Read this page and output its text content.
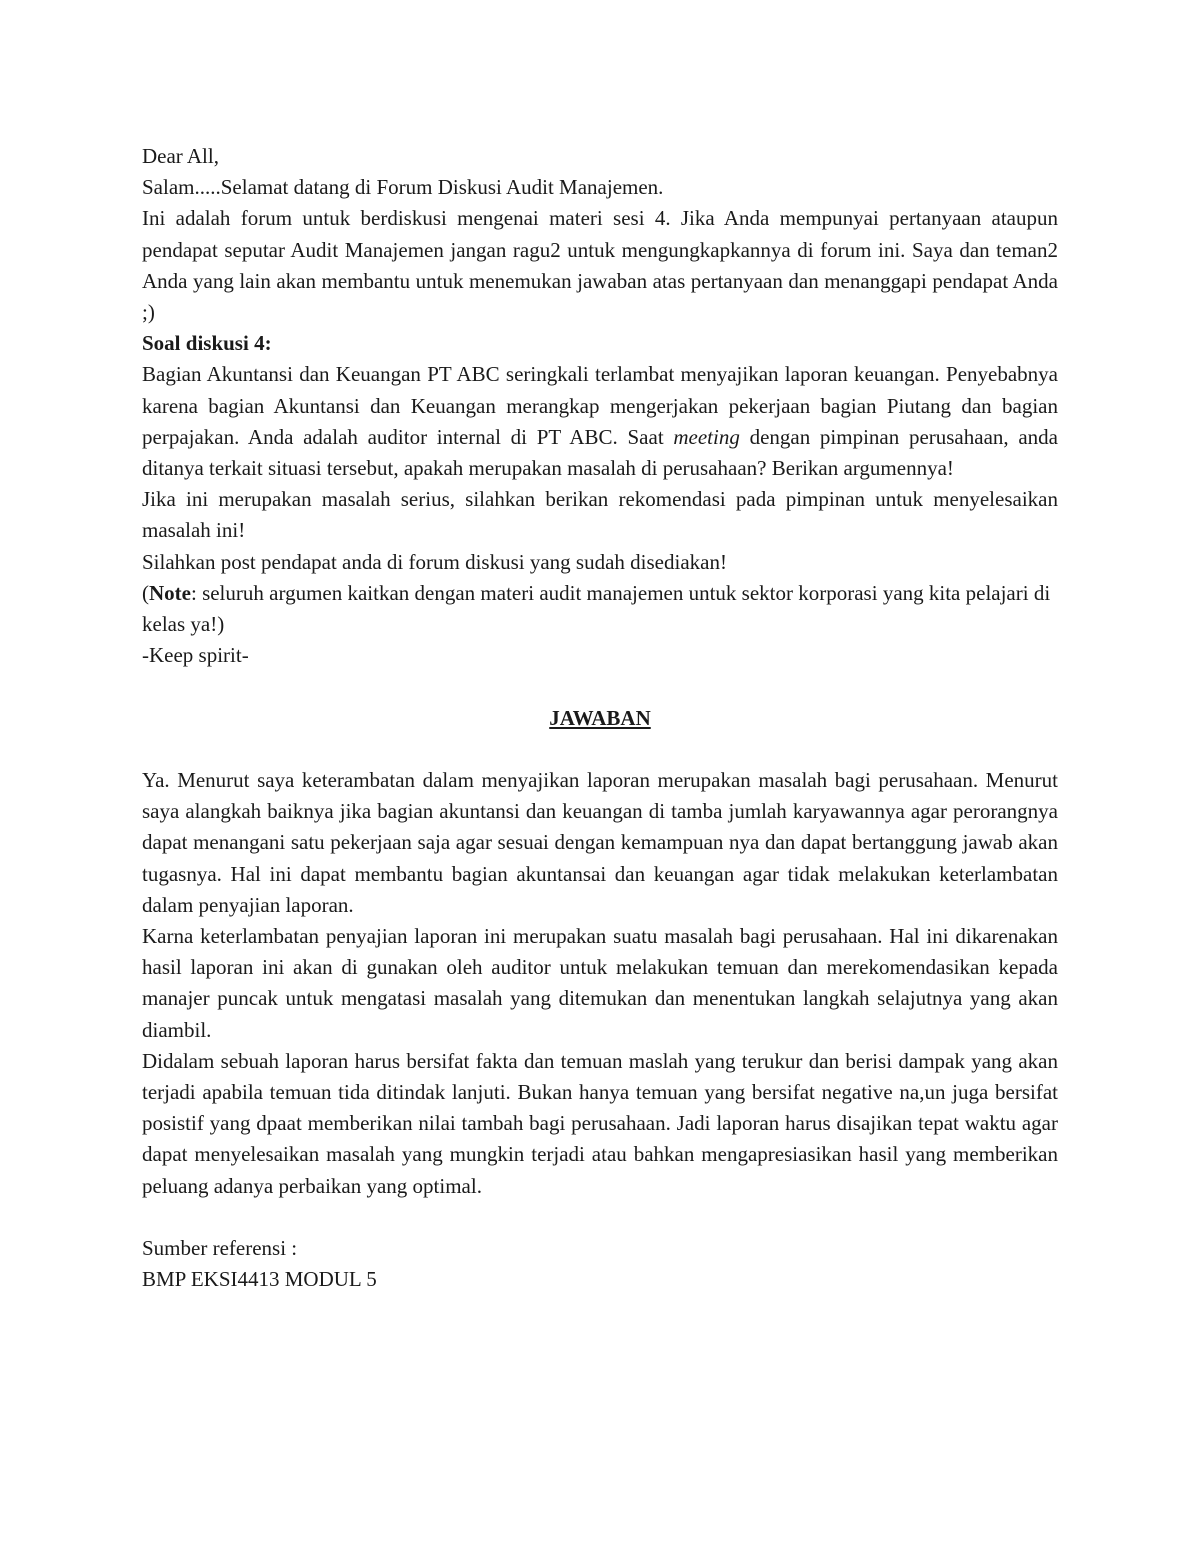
Dear All,

Salam.....Selamat datang di Forum Diskusi Audit Manajemen.

Ini adalah forum untuk berdiskusi mengenai materi sesi 4. Jika Anda mempunyai pertanyaan ataupun pendapat seputar Audit Manajemen jangan ragu2 untuk mengungkapkannya di forum ini. Saya dan teman2 Anda yang lain akan membantu untuk menemukan jawaban atas pertanyaan dan menanggapi pendapat Anda ;)

Soal diskusi 4:

Bagian Akuntansi dan Keuangan PT ABC seringkali terlambat menyajikan laporan keuangan. Penyebabnya karena bagian Akuntansi dan Keuangan merangkap mengerjakan pekerjaan bagian Piutang dan bagian perpajakan. Anda adalah auditor internal di PT ABC. Saat meeting dengan pimpinan perusahaan, anda ditanya terkait situasi tersebut, apakah merupakan masalah di perusahaan? Berikan argumennya!

Jika ini merupakan masalah serius, silahkan berikan rekomendasi pada pimpinan untuk menyelesaikan masalah ini!

Silahkan post pendapat anda di forum diskusi yang sudah disediakan!

(Note: seluruh argumen kaitkan dengan materi audit manajemen untuk sektor korporasi yang kita pelajari di kelas ya!)

-Keep spirit-

JAWABAN

Ya. Menurut saya keterambatan dalam menyajikan laporan merupakan masalah bagi perusahaan. Menurut saya alangkah baiknya jika bagian akuntansi dan keuangan di tamba jumlah karyawannya agar perorangnya dapat menangani satu pekerjaan saja agar sesuai dengan kemampuan nya dan dapat bertanggung jawab akan tugasnya. Hal ini dapat membantu bagian akuntansai dan keuangan agar tidak melakukan keterlambatan dalam penyajian laporan.

Karna keterlambatan penyajian laporan ini merupakan suatu masalah bagi perusahaan. Hal ini dikarenakan hasil laporan ini akan di gunakan oleh auditor untuk melakukan temuan dan merekomendasikan kepada manajer puncak untuk mengatasi masalah yang ditemukan dan menentukan langkah selajutnya yang akan diambil.

Didalam sebuah laporan harus bersifat fakta dan temuan maslah yang terukur dan berisi dampak yang akan terjadi apabila temuan tida ditindak lanjuti. Bukan hanya temuan yang bersifat negative na,un juga bersifat posistif yang dpaat memberikan nilai tambah bagi perusahaan. Jadi laporan harus disajikan tepat waktu agar dapat menyelesaikan masalah yang mungkin terjadi atau bahkan mengapresiasikan hasil yang memberikan peluang adanya perbaikan yang optimal.

Sumber referensi :

BMP EKSI4413 MODUL 5
